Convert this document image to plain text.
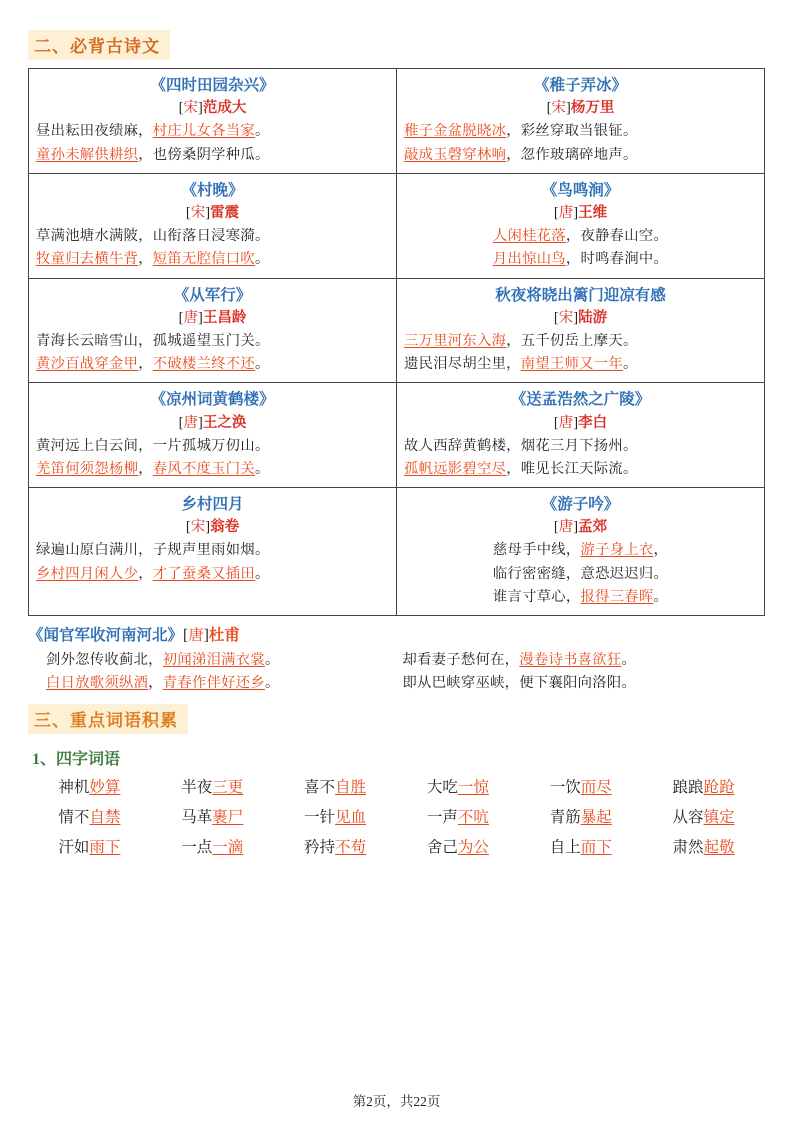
二、必背古诗文
《四时田园杂兴》
[宋]范成大
昼出耘田夜绩麻，村庄儿女各当家。
童孙未解供耕织，也傍桑阴学种瓜。

《稚子弄冰》
[宋]杨万里
稚子金盆脱晓冰，彩丝穿取当银钲。
敲成玉磬穿林响，忽作玻璃碎地声。

《村晚》
[宋]雷震
草满池塘水满陂，山衔落日浸寒漪。
牧童归去横牛背，短笛无腔信口吹。

《鸟鸣涧》
[唐]王维
人闲桂花落，夜静春山空。
月出惊山鸟，时鸣春涧中。

《从军行》
[唐]王昌龄
青海长云暗雪山，孤城遥望玉门关。
黄沙百战穿金甲，不破楼兰终不还。

秋夜将晓出篱门迎凉有感
[宋]陆游
三万里河东入海，五千仞岳上摩天。
遗民泪尽胡尘里，南望王师又一年。

《凉州词黄鹤楼》
[唐]王之涣
黄河远上白云间，一片孤城万仞山。
羌笛何须怨杨柳，春风不度玉门关。

《送孟浩然之广陵》
[唐]李白
故人西辞黄鹤楼，烟花三月下扬州。
孤帆远影碧空尽，唯见长江天际流。

乡村四月
[宋]翁卷
绿遍山原白满川，子规声里雨如烟。
乡村四月闲人少，才了蚕桑又插田。

《游子吟》
[唐]孟郊
慈母手中线，游子身上衣，
临行密密缝，意恐迟迟归。
谁言寸草心，报得三春晖。
《闻官军收河南河北》[唐]杜甫
剑外忽传收蓟北，初闻涕泪满衣裳。
白日放歌须纵酒，青春作伴好还乡。
却看妻子愁何在，漫卷诗书喜欲狂。
即从巴峡穿巫峡，便下襄阳向洛阳。
三、重点词语积累
1、四字词语
神机妙算	半夜三更	喜不自胜	大吃一惊	一饮而尽	踉踉跄跄
情不自禁	马革裹尸	一针见血	一声不吭	青筋暴起	从容镇定
汗如雨下	一点一滴	矜持不苟	舍己为公	自上而下	肃然起敬
第2页，共22页
